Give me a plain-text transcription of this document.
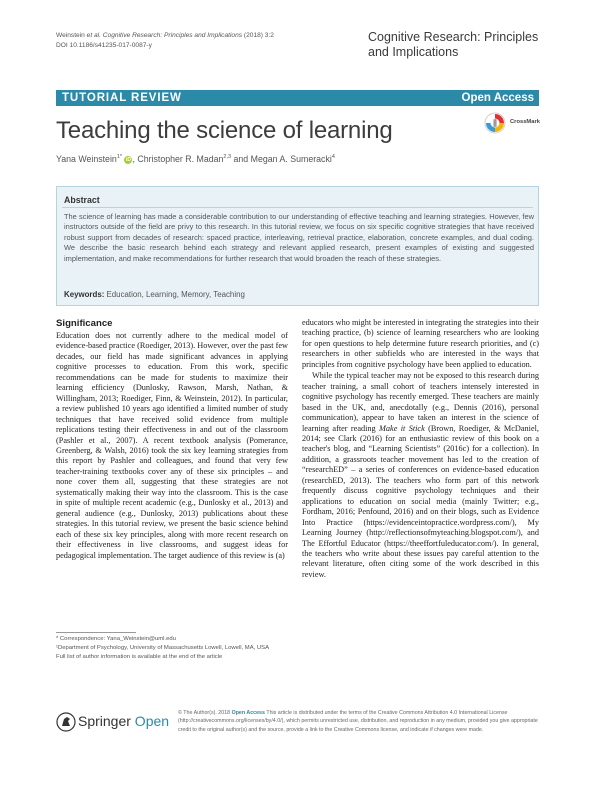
Weinstein et al. Cognitive Research: Principles and Implications (2018) 3:2
DOI 10.1186/s41235-017-0087-y
Cognitive Research: Principles
and Implications
TUTORIAL REVIEW	Open Access
Teaching the science of learning	CrossMark
Yana Weinstein$^{1*}$ iD , Christopher R. Madan$^{2,3}$ and Megan A. Sumeracki$^4$
Abstract
The science of learning has made a considerable contribution to our understanding of effective teaching and learning strategies. However, few instructors outside of the field are privy to this research. In this tutorial review, we focus on six specific cognitive strategies that have received robust support from decades of research: spaced practice, interleaving, retrieval practice, elaboration, concrete examples, and dual coding. We describe the basic research behind each strategy and relevant applied research, present examples of existing and suggested implementation, and make recommendations for further research that would broaden the reach of these strategies.
Keywords: Education, Learning, Memory, Teaching
Significance

Education does not currently adhere to the medical model of evidence-based practice (Roediger, 2013). However, over the past few decades, our field has made significant advances in applying cognitive processes to education. From this work, specific recommendations can be made for students to maximize their learning efficiency (Dunlosky, Rawson, Marsh, Nathan, & Willingham, 2013; Roediger, Finn, & Weinstein, 2012). In particular, a review published 10 years ago identified a limited number of study techniques that have received solid evidence from multiple replications testing their effectiveness in and out of the classroom (Pashler et al., 2007). A recent textbook analysis (Pomerance, Greenberg, & Walsh, 2016) took the six key learning strategies from this report by Pashler and colleagues, and found that very few teacher-training textbooks cover any of these six principles – and none cover them all, suggesting that these strategies are not systematically making their way into the classroom. This is the case in spite of multiple recent academic (e.g., Dunlosky et al., 2013) and general audience (e.g., Dunlosky, 2013) publications about these strategies. In this tutorial review, we present the basic science behind each of these six key principles, along with more recent research on their effectiveness in live classrooms, and suggest ideas for pedagogical implementation. The target audience of this review is (a)

educators who might be interested in integrating the strategies into their teaching practice, (b) science of learning researchers who are looking for open questions to help determine future research priorities, and (c) researchers in other subfields who are interested in the ways that principles from cognitive psychology have been applied to education.

While the typical teacher may not be exposed to this research during teacher training, a small cohort of teachers intensely interested in cognitive psychology has recently emerged. These teachers are mainly based in the UK, and, anecdotally (e.g., Dennis (2016), personal communication), appear to have taken an interest in the science of learning after reading Make it Stick (Brown, Roediger, & McDaniel, 2014; see Clark (2016) for an enthusiastic review of this book on a teacher's blog, and “Learning Scientists” (2016c) for a collection). In addition, a grassroots teacher movement has led to the creation of “researchED” – a series of conferences on evidence-based education (researchED, 2013). The teachers who form part of this network frequently discuss cognitive psychology techniques and their applications to education on social media (mainly Twitter; e.g., Fordham, 2016; Penfound, 2016) and on their blogs, such as Evidence Into Practice (https://evidenceintopractice.wordpress.com/), My Learning Journey (http://reflectionsofmyteaching.blogspot.com/), and The Effortful Educator (https://theeffortfuleducator.com/). In general, the teachers who write about these issues pay careful attention to the relevant literature, often citing some of the work described in this review.

* Correspondence: Yana_Weinstein@uml.edu
¹Department of Psychology, University of Massachusetts Lowell, Lowell, MA, USA
Full list of author information is available at the end of the article
Springer Open © The Author(s). 2018 Open Access This article is distributed under the terms of the Creative Commons Attribution 4.0 International License (http://creativecommons.org/licenses/by/4.0/), which permits unrestricted use, distribution, and reproduction in any medium, provided you give appropriate credit to the original author(s) and the source, provide a link to the Creative Commons license, and indicate if changes were made.
